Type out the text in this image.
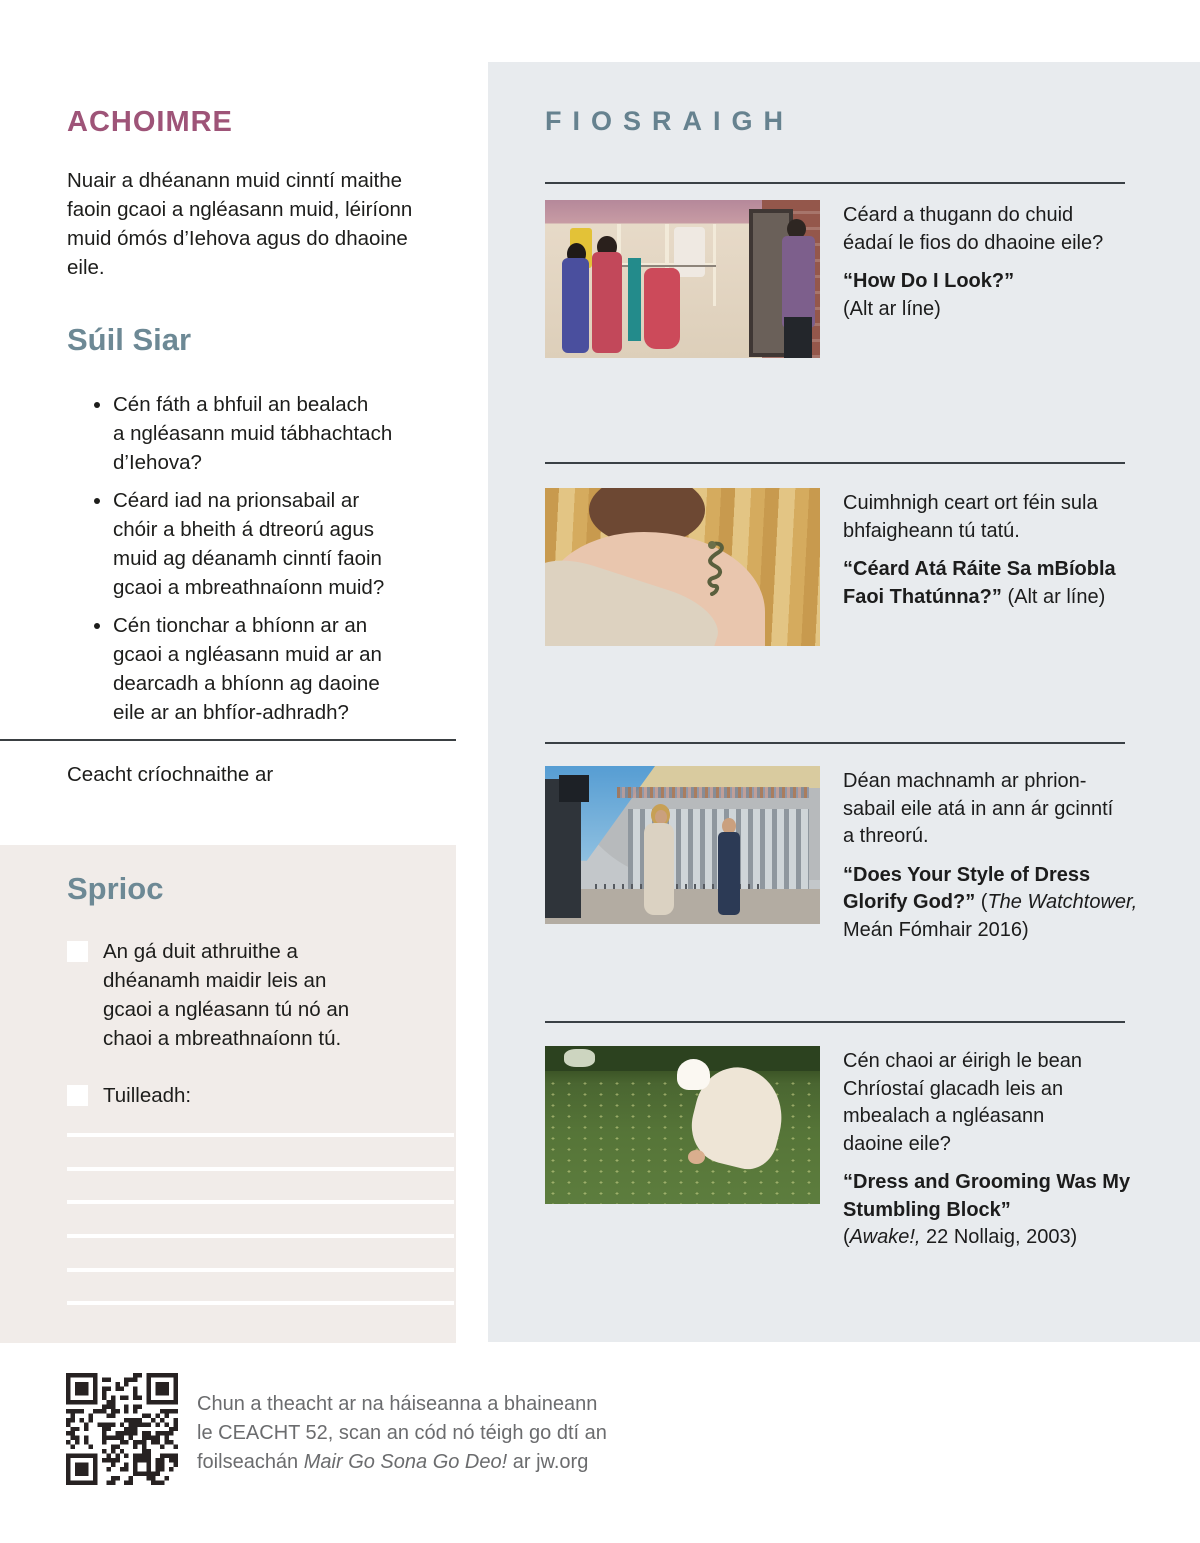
ACHOIMRE

Nuair a dhéanann muid cinntí maithe
faoin gcaoi a ngléasann muid, léiríonn
muid ómós d’Iehova agus do dhaoine
eile.

Súil Siar
• Cén fáth a bhfuil an bealach
a ngléasann muid tábhachtach
d’Iehova?
• Céard iad na prionsabail ar
chóir a bheith á dtreorú agus
muid ag déanamh cinntí faoin
gcaoi a mbreathnaíonn muid?
• Cén tionchar a bhíonn ar an
gcaoi a ngléasann muid ar an
dearcadh a bhíonn ag daoine
eile ar an bhfíor-adhradh?

Ceacht críochnaithe ar

Sprioc
An gá duit athruithe a
dhéanamh maidir leis an
gcaoi a ngléasann tú nó an
chaoi a mbreathnaíonn tú.
Tuilleadh:

Chun a theacht ar na háiseanna a bhaineann
le CEACHT 52, scan an cód nó téigh go dtí an
foilseachán Mair Go Sona Go Deo! ar jw.org

FIOSRAIGH

Céard a thugann do chuid
éadaí le fios do dhaoine eile?

“How Do I Look?”
(Alt ar líne)

Cuimhnigh ceart ort féin sula
bhfaigheann tú tatú.

“Céard Atá Ráite Sa mBíobla Faoi Thatúnna?” (Alt ar líne)

Déan machnamh ar phrion-
sabail eile atá in ann ár gcinntí
a threorú.

“Does Your Style of Dress Glorify God?” (The Watchtower, Meán Fómhair 2016)

Cén chaoi ar éirigh le bean
Chríostaí glacadh leis an
mbealach a ngléasann
daoine eile?

“Dress and Grooming Was My Stumbling Block”
(Awake!, 22 Nollaig, 2003)
